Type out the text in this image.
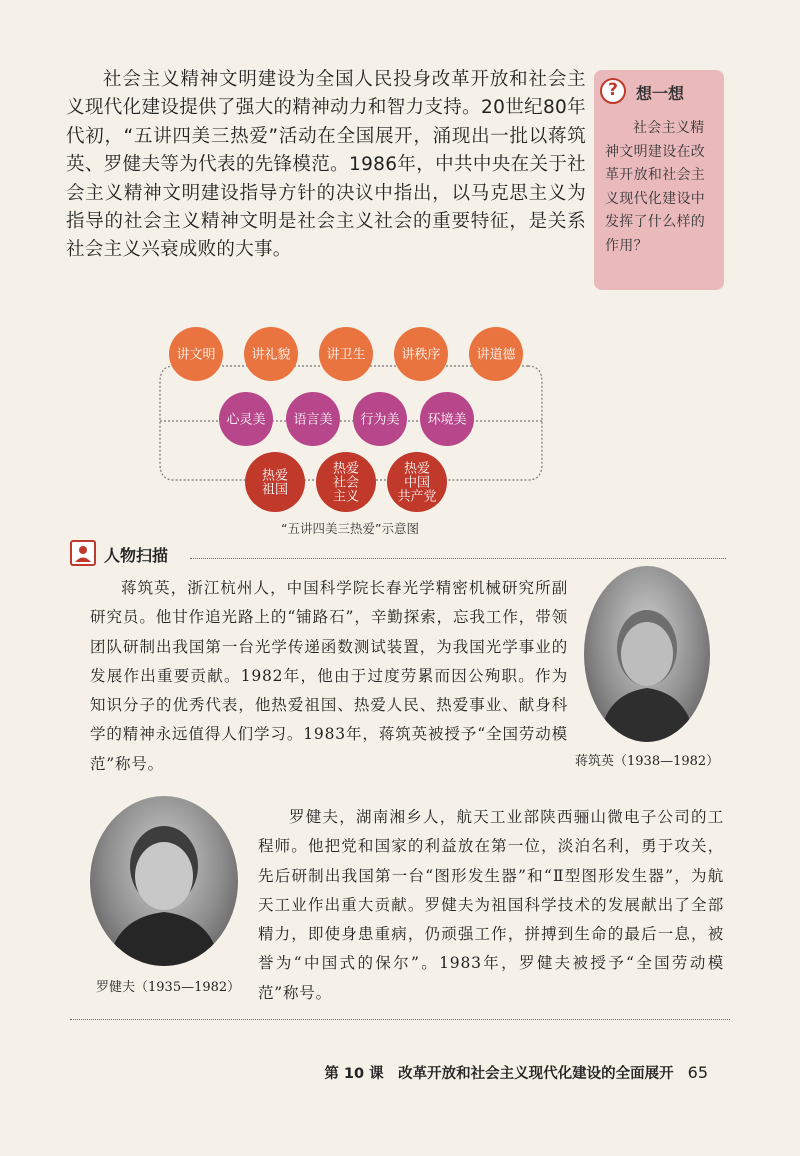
社会主义精神文明建设为全国人民投身改革开放和社会主义现代化建设提供了强大的精神动力和智力支持。20世纪80年代初，“五讲四美三热爱”活动在全国展开，涌现出一批以蒋筑英、罗健夫等为代表的先锋模范。1986年，中共中央在关于社会主义精神文明建设指导方针的决议中指出，以马克思主义为指导的社会主义精神文明是社会主义社会的重要特征，是关系社会主义兴衰成败的大事。

?	想一想

社会主义精神文明建设在改革开放和社会主义现代化建设中发挥了什么样的作用？

讲文明	讲礼貌	讲卫生	讲秩序	讲道德
心灵美 语言美 行为美 环境美
热爱祖国
热爱社会主义
热爱中国共产党
“五讲四美三热爱”示意图
人物扫描

蒋筑英，浙江杭州人，中国科学院长春光学精密机械研究所副研究员。他甘作追光路上的“铺路石”，辛勤探索，忘我工作，带领团队研制出我国第一台光学传递函数测试装置，为我国光学事业的发展作出重要贡献。1982年，他由于过度劳累而因公殉职。作为知识分子的优秀代表，他热爱祖国、热爱人民、热爱事业、献身科学的精神永远值得人们学习。1983年，蒋筑英被授予“全国劳动模范”称号。	蒋筑英（1938—1982）
罗健夫（1935—1982）

罗健夫，湖南湘乡人，航天工业部陕西骊山微电子公司的工程师。他把党和国家的利益放在第一位，淡泊名利，勇于攻关，先后研制出我国第一台“图形发生器”和“Ⅱ型图形发生器”，为航天工业作出重大贡献。罗健夫为祖国科学技术的发展献出了全部精力，即使身患重病，仍顽强工作，拼搏到生命的最后一息，被誉为“中国式的保尔”。1983年，罗健夫被授予“全国劳动模范”称号。

第 10 课　改革开放和社会主义现代化建设的全面展开 65
